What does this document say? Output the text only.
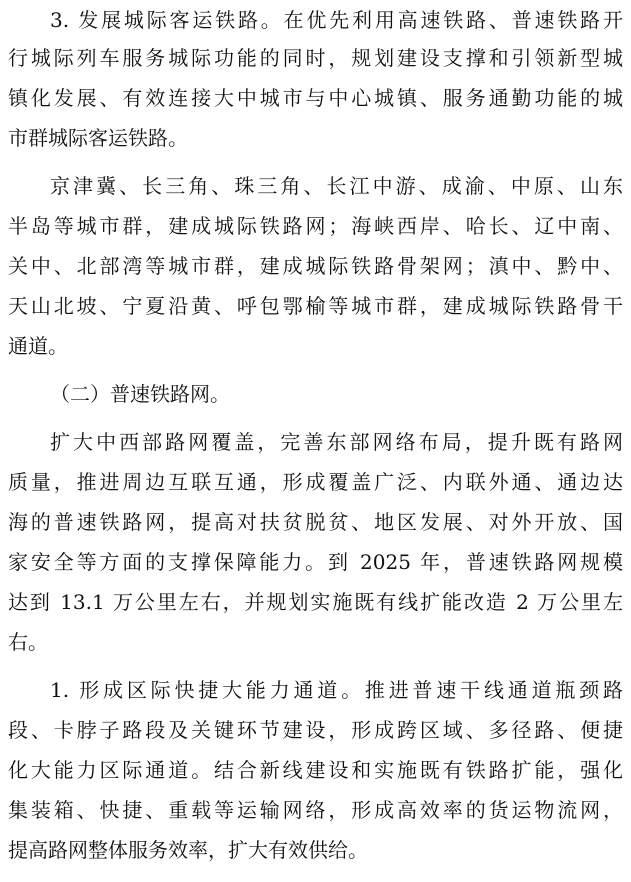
3. 发展城际客运铁路。在优先利用高速铁路、普速铁路开
行城际列车服务城际功能的同时，规划建设支撑和引领新型城
镇化发展、有效连接大中城市与中心城镇、服务通勤功能的城
市群城际客运铁路。
京津冀、长三角、珠三角、长江中游、成渝、中原、山东
半岛等城市群，建成城际铁路网；海峡西岸、哈长、辽中南、
关中、北部湾等城市群，建成城际铁路骨架网；滇中、黔中、
天山北坡、宁夏沿黄、呼包鄂榆等城市群，建成城际铁路骨干
通道。
（二）普速铁路网。
扩大中西部路网覆盖，完善东部网络布局，提升既有路网
质量，推进周边互联互通，形成覆盖广泛、内联外通、通边达
海的普速铁路网，提高对扶贫脱贫、地区发展、对外开放、国
家安全等方面的支撑保障能力。到 2025 年，普速铁路网规模
达到 13.1 万公里左右，并规划实施既有线扩能改造 2 万公里左
右。
1. 形成区际快捷大能力通道。推进普速干线通道瓶颈路
段、卡脖子路段及关键环节建设，形成跨区域、多径路、便捷
化大能力区际通道。结合新线建设和实施既有铁路扩能，强化
集装箱、快捷、重载等运输网络，形成高效率的货运物流网，
提高路网整体服务效率，扩大有效供给。
